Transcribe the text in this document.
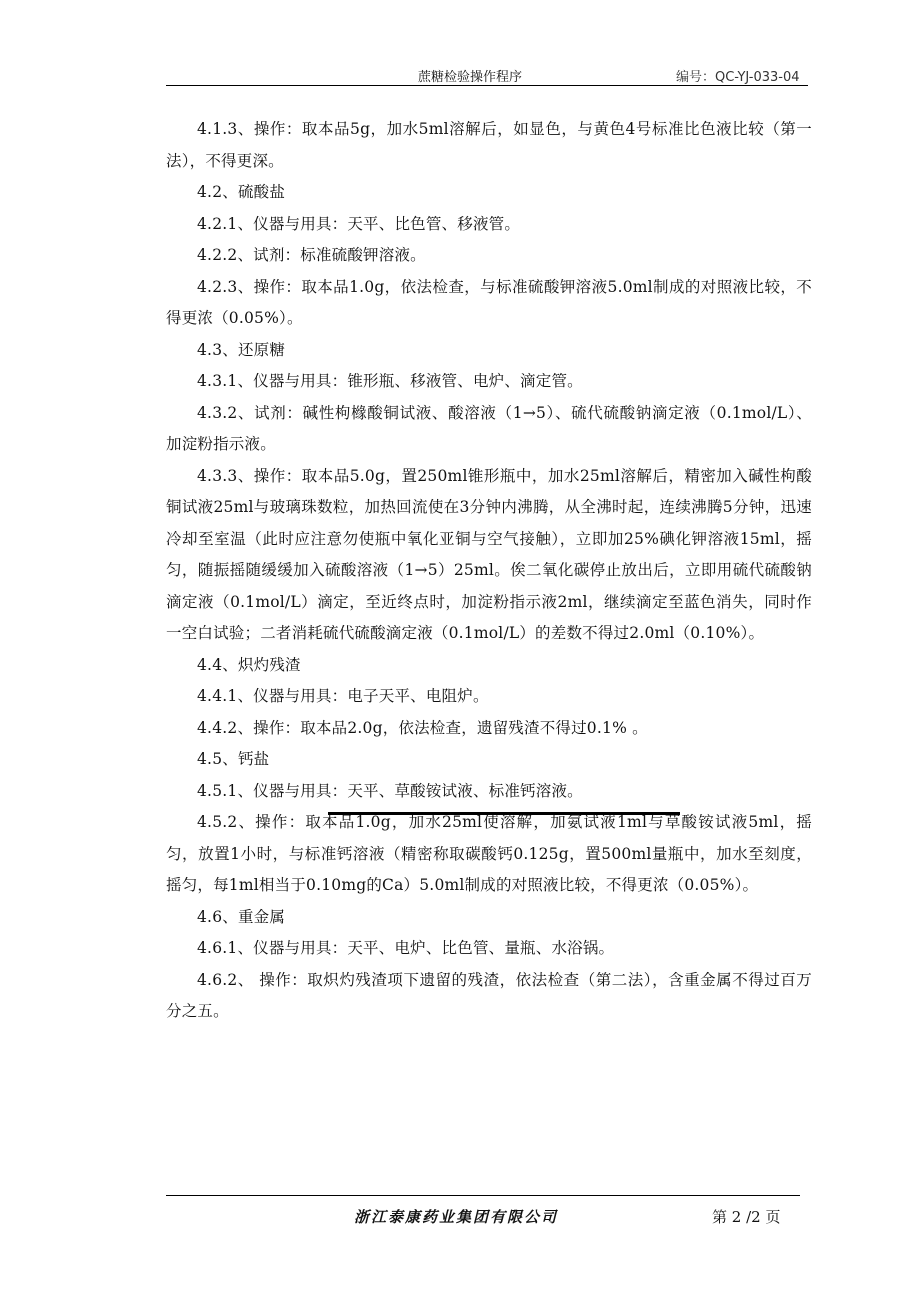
蔗糖检验操作程序	编号：QC-YJ-033-04

4.1.3、操作：取本品5g，加水5ml溶解后，如显色，与黄色4号标准比色液比较（第一法），不得更深。

4.2、硫酸盐

4.2.1、仪器与用具：天平、比色管、移液管。

4.2.2、试剂：标准硫酸钾溶液。

4.2.3、操作：取本品1.0g，依法检查，与标准硫酸钾溶液5.0ml制成的对照液比较，不得更浓（0.05%）。

4.3、还原糖

4.3.1、仪器与用具：锥形瓶、移液管、电炉、滴定管。

4.3.2、试剂：碱性枸橼酸铜试液、酸溶液（1→5）、硫代硫酸钠滴定液（0.1mol/L）、加淀粉指示液。

4.3.3、操作：取本品5.0g，置250ml锥形瓶中，加水25ml溶解后，精密加入碱性枸酸铜试液25ml与玻璃珠数粒，加热回流使在3分钟内沸腾，从全沸时起，连续沸腾5分钟，迅速冷却至室温（此时应注意勿使瓶中氧化亚铜与空气接触），立即加25%碘化钾溶液15ml，摇匀，随振摇随缓缓加入硫酸溶液（1→5）25ml。俟二氧化碳停止放出后，立即用硫代硫酸钠滴定液（0.1mol/L）滴定，至近终点时，加淀粉指示液2ml，继续滴定至蓝色消失，同时作一空白试验；二者消耗硫代硫酸滴定液（0.1mol/L）的差数不得过2.0ml（0.10%）。

4.4、炽灼残渣

4.4.1、仪器与用具：电子天平、电阻炉。

4.4.2、操作：取本品2.0g，依法检查，遗留残渣不得过0.1% 。

4.5、钙盐

4.5.1、仪器与用具：天平、草酸铵试液、标准钙溶液。

4.5.2、操作：取本品1.0g，加水25ml使溶解，加氨试液1ml与草酸铵试液5ml，摇匀，放置1小时，与标准钙溶液（精密称取碳酸钙0.125g，置500ml量瓶中，加水至刻度，摇匀，每1ml相当于0.10mg的Ca）5.0ml制成的对照液比较，不得更浓（0.05%）。

4.6、重金属

4.6.1、仪器与用具：天平、电炉、比色管、量瓶、水浴锅。

4.6.2、 操作：取炽灼残渣项下遗留的残渣，依法检查（第二法），含重金属不得过百万分之五。

浙江泰康药业集团有限公司	第 2 /2 页
